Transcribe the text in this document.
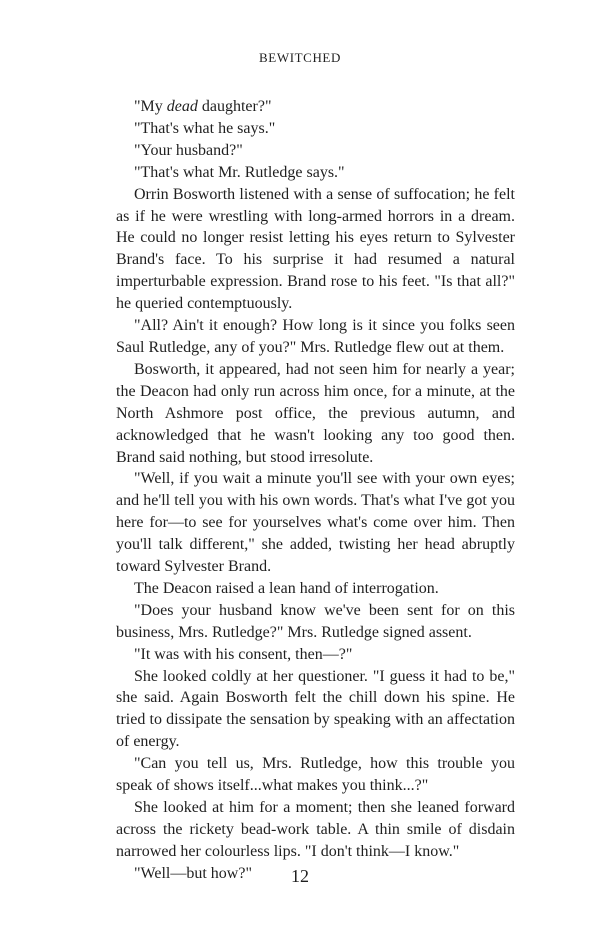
BEWITCHED

"My dead daughter?"

"That's what he says."

"Your husband?"

"That's what Mr. Rutledge says."

Orrin Bosworth listened with a sense of suffocation; he felt as if he were wrestling with long-armed horrors in a dream. He could no longer resist letting his eyes return to Sylvester Brand's face. To his surprise it had resumed a natural imperturbable expression. Brand rose to his feet. "Is that all?" he queried contemptuously.

"All? Ain't it enough? How long is it since you folks seen Saul Rutledge, any of you?" Mrs. Rutledge flew out at them.

Bosworth, it appeared, had not seen him for nearly a year; the Deacon had only run across him once, for a minute, at the North Ashmore post office, the previous autumn, and acknowledged that he wasn't looking any too good then. Brand said nothing, but stood irresolute.

"Well, if you wait a minute you'll see with your own eyes; and he'll tell you with his own words. That's what I've got you here for—to see for yourselves what's come over him. Then you'll talk different," she added, twisting her head abruptly toward Sylvester Brand.

The Deacon raised a lean hand of interrogation.

"Does your husband know we've been sent for on this business, Mrs. Rutledge?" Mrs. Rutledge signed assent.

"It was with his consent, then—?"

She looked coldly at her questioner. "I guess it had to be," she said. Again Bosworth felt the chill down his spine. He tried to dissipate the sensation by speaking with an affectation of energy.

"Can you tell us, Mrs. Rutledge, how this trouble you speak of shows itself...what makes you think...?"

She looked at him for a moment; then she leaned forward across the rickety bead-work table. A thin smile of disdain narrowed her colourless lips. "I don't think—I know."

"Well—but how?"	12
